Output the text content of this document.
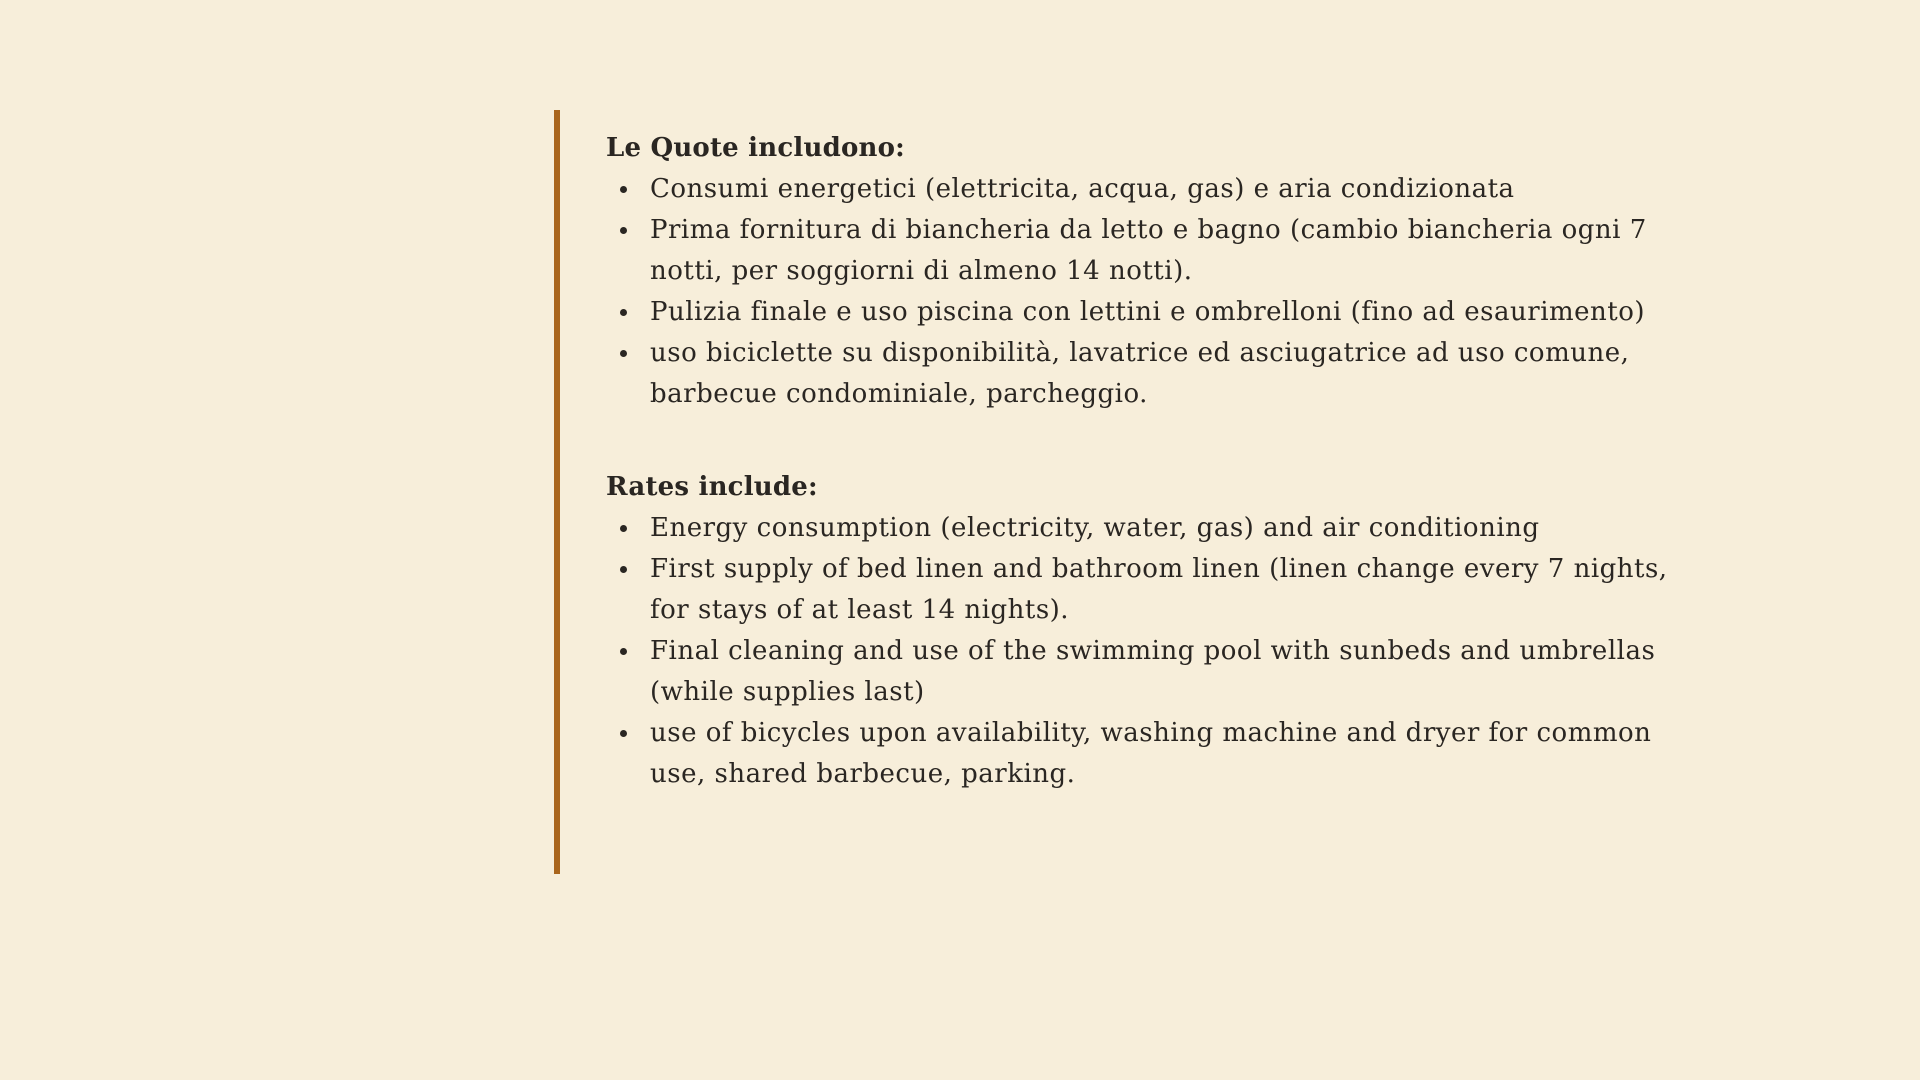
Le Quote includono:

Consumi energetici (elettricita, acqua, gas) e aria condizionata
Prima fornitura di biancheria da letto e bagno (cambio biancheria ogni 7 notti, per soggiorni di almeno 14 notti).
Pulizia finale e uso piscina con lettini e ombrelloni (fino ad esaurimento)
uso biciclette su disponibilità, lavatrice ed asciugatrice ad uso comune, barbecue condominiale, parcheggio.

Rates include:

Energy consumption (electricity, water, gas) and air conditioning
First supply of bed linen and bathroom linen (linen change every 7 nights, for stays of at least 14 nights).
Final cleaning and use of the swimming pool with sunbeds and umbrellas (while supplies last)
use of bicycles upon availability, washing machine and dryer for common use, shared barbecue, parking.
